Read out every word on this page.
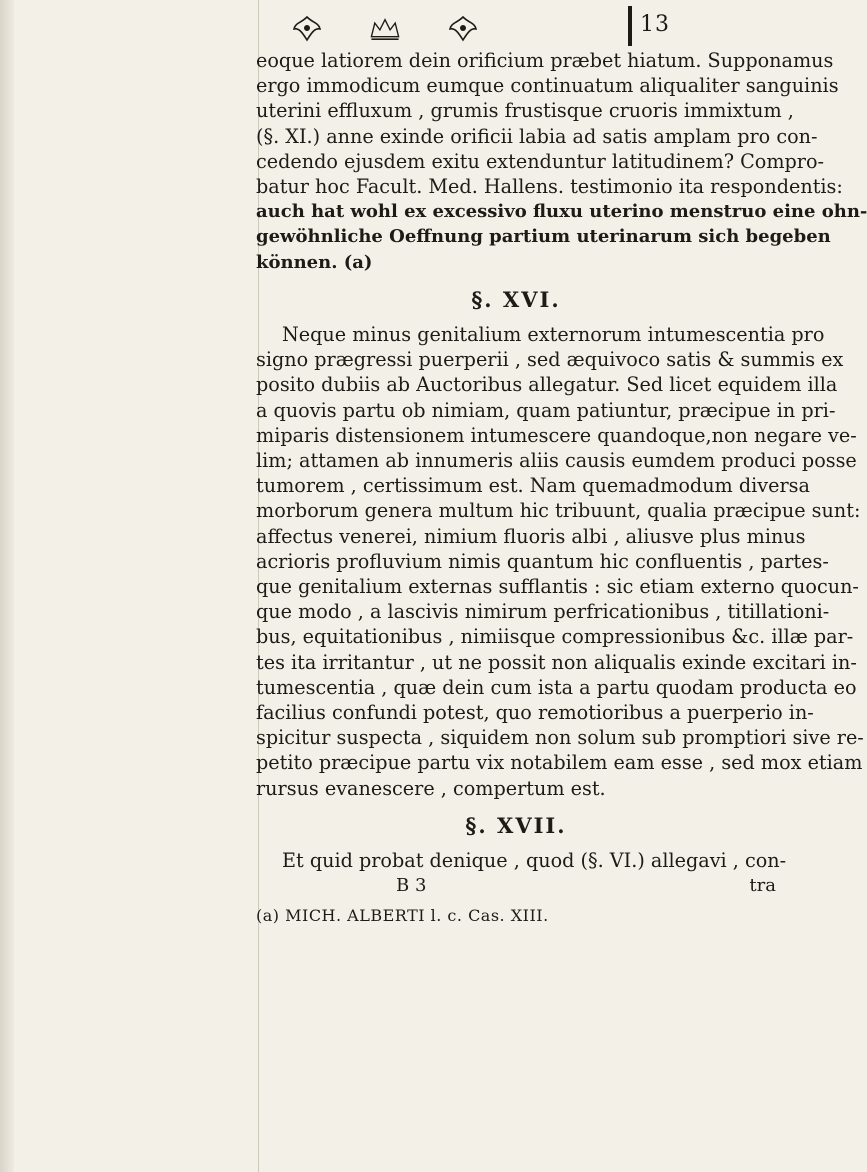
13
eoque latiorem dein orificium præbet hiatum. Supponamus
ergo immodicum eumque continuatum aliqualiter sanguinis
uterini effluxum , grumis frustisque cruoris immixtum ,
(§. XI.) anne exinde orificii labia ad satis amplam pro con-
cedendo ejusdem exitu extenduntur latitudinem? Compro-
batur hoc Facult. Med. Hallens. testimonio ita respondentis:
auch hat wohl ex excessivo fluxu uterino menstruo eine ohn-
gewöhnliche Oeffnung partium uterinarum sich begeben
können. (a)
§. XVI.
Neque minus genitalium externorum intumescentia pro
signo prægressi puerperii , sed æquivoco satis & summis ex
posito dubiis ab Auctoribus allegatur. Sed licet equidem illa
a quovis partu ob nimiam, quam patiuntur, præcipue in pri-
miparis distensionem intumescere quandoque,non negare ve-
lim; attamen ab innumeris aliis causis eumdem produci posse
tumorem , certissimum est. Nam quemadmodum diversa
morborum genera multum hic tribuunt, qualia præcipue sunt:
affectus venerei, nimium fluoris albi , aliusve plus minus
acrioris profluvium nimis quantum hic confluentis , partes-
que genitalium externas sufflantis : sic etiam externo quocun-
que modo , a lascivis nimirum perfricationibus , titillationi-
bus, equitationibus , nimiisque compressionibus &c. illæ par-
tes ita irritantur , ut ne possit non aliqualis exinde excitari in-
tumescentia , quæ dein cum ista a partu quodam producta eo
facilius confundi potest, quo remotioribus a puerperio in-
spicitur suspecta , siquidem non solum sub promptiori sive re-
petito præcipue partu vix notabilem eam esse , sed mox etiam
rursus evanescere , compertum est.
§. XVII.
Et quid probat denique , quod (§. VI.) allegavi , con-
B 3	tra
(a) MICH. ALBERTI l. c. Cas. XIII.
